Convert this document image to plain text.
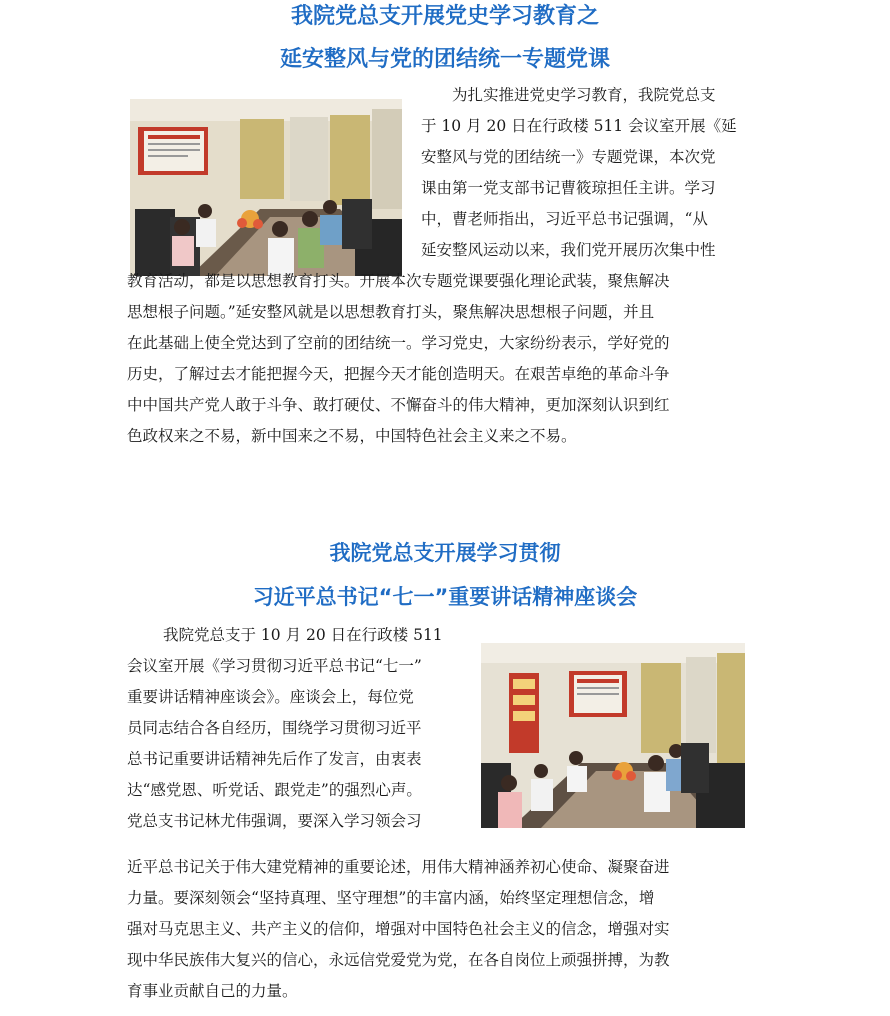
我院党总支开展党史学习教育之
延安整风与党的团结统一专题党课
为扎实推进党史学习教育，我院党总支

于 10 月 20 日在行政楼 511 会议室开展《延
安整风与党的团结统一》专题党课，本次党
课由第一党支部书记曹筱琼担任主讲。学习
中，曹老师指出，习近平总书记强调，“从
延安整风运动以来，我们党开展历次集中性
教育活动，都是以思想教育打头。开展本次专题党课要强化理论武装，聚焦解决
思想根子问题。”延安整风就是以思想教育打头，聚焦解决思想根子问题，并且
在此基础上使全党达到了空前的团结统一。学习党史，大家纷纷表示，学好党的
历史，了解过去才能把握今天，把握今天才能创造明天。在艰苦卓绝的革命斗争
中中国共产党人敢于斗争、敢打硬仗、不懈奋斗的伟大精神，更加深刻认识到红
色政权来之不易，新中国来之不易，中国特色社会主义来之不易。
我院党总支开展学习贯彻
习近平总书记“七一”重要讲话精神座谈会
我院党总支于 10 月 20 日在行政楼 511
会议室开展《学习贯彻习近平总书记“七一”
重要讲话精神座谈会》。座谈会上，每位党
员同志结合各自经历，围绕学习贯彻习近平
总书记重要讲话精神先后作了发言，由衷表
达“感党恩、听党话、跟党走”的强烈心声。
党总支书记林尤伟强调，要深入学习领会习
近平总书记关于伟大建党精神的重要论述，用伟大精神涵养初心使命、凝聚奋进
力量。要深刻领会“坚持真理、坚守理想”的丰富内涵，始终坚定理想信念，增
强对马克思主义、共产主义的信仰，增强对中国特色社会主义的信念，增强对实
现中华民族伟大复兴的信心，永远信党爱党为党，在各自岗位上顽强拼搏，为教
育事业贡献自己的力量。
